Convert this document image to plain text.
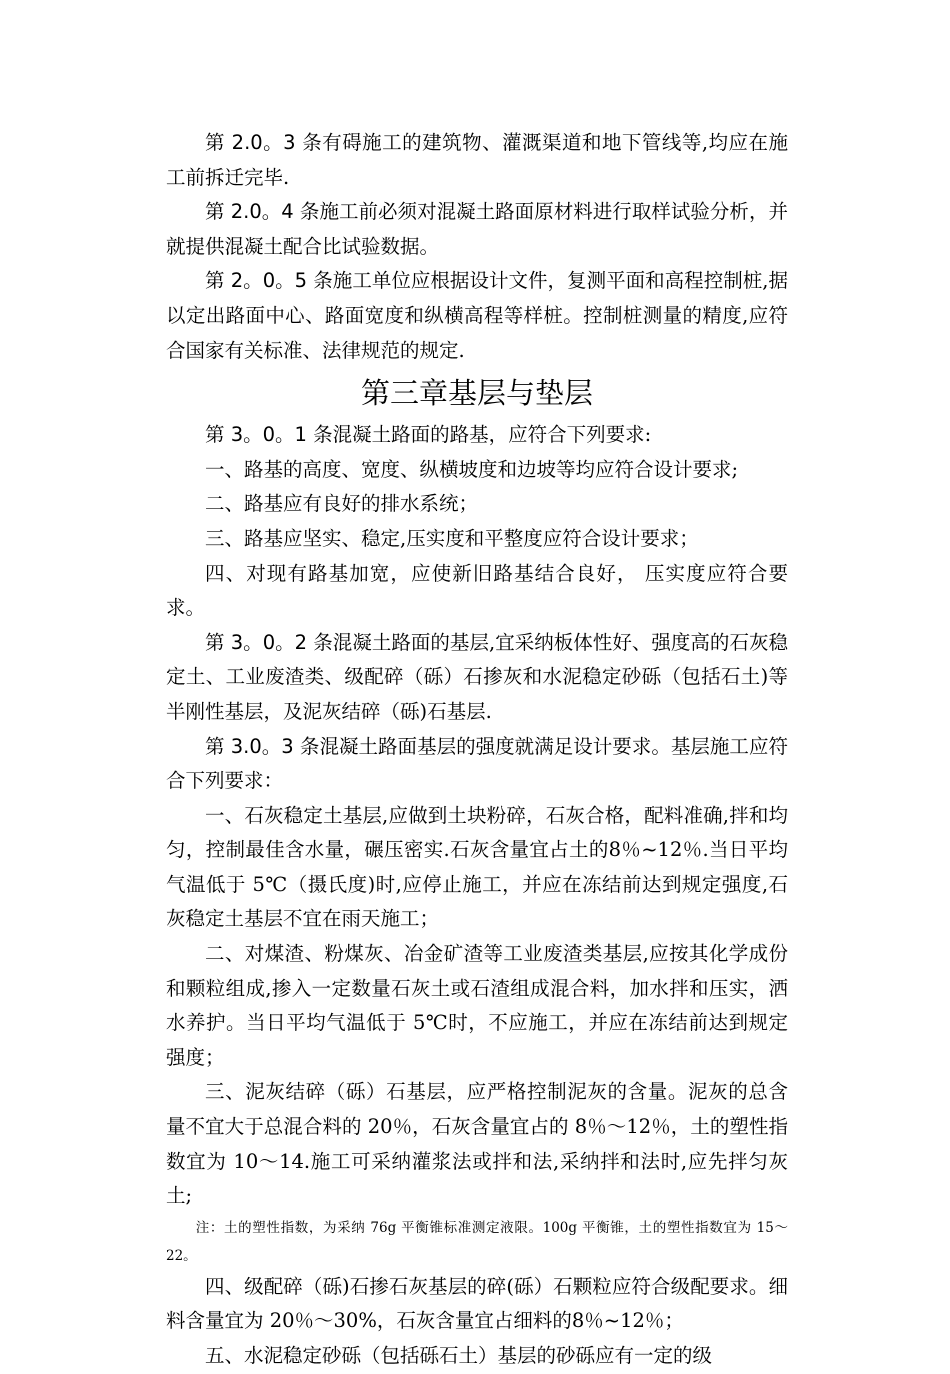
第 2.0。3 条有碍施工的建筑物、灌溉渠道和地下管线等,均应在施工前拆迁完毕.

第 2.0。4 条施工前必须对混凝土路面原材料进行取样试验分析，并就提供混凝土配合比试验数据。

第 2。0。5 条施工单位应根据设计文件，复测平面和高程控制桩,据以定出路面中心、路面宽度和纵横高程等样桩。控制桩测量的精度,应符合国家有关标准、法律规范的规定.

第三章基层与垫层

第 3。0。1 条混凝土路面的路基，应符合下列要求:

一、路基的高度、宽度、纵横坡度和边坡等均应符合设计要求;

二、路基应有良好的排水系统；

三、路基应坚实、稳定,压实度和平整度应符合设计要求；

四、对现有路基加宽，应使新旧路基结合良好， 压实度应符合要求。

第 3。0。2 条混凝土路面的基层,宜采纳板体性好、强度高的石灰稳定土、工业废渣类、级配碎（砾）石掺灰和水泥稳定砂砾（包括石土)等半刚性基层，及泥灰结碎（砾)石基层.

第 3.0。3 条混凝土路面基层的强度就满足设计要求。基层施工应符合下列要求：

一、石灰稳定土基层,应做到土块粉碎，石灰合格，配料准确,拌和均匀，控制最佳含水量，碾压密实.石灰含量宜占土的8％~12％.当日平均气温低于 5℃（摄氏度)时,应停止施工，并应在冻结前达到规定强度,石灰稳定土基层不宜在雨天施工；

二、对煤渣、粉煤灰、冶金矿渣等工业废渣类基层,应按其化学成份和颗粒组成,掺入一定数量石灰土或石渣组成混合料，加水拌和压实，洒水养护。当日平均气温低于 5℃时，不应施工，并应在冻结前达到规定强度；

三、泥灰结碎（砾）石基层，应严格控制泥灰的含量。泥灰的总含量不宜大于总混合料的 20％，石灰含量宜占的 8％～12％，土的塑性指数宜为 10～14.施工可采纳灌浆法或拌和法,采纳拌和法时,应先拌匀灰土;

注：土的塑性指数，为采纳 76g 平衡锥标准测定液限。100g 平衡锥，土的塑性指数宜为 15～22。

四、级配碎（砾)石掺石灰基层的碎(砾）石颗粒应符合级配要求。细料含量宜为 20％～30%，石灰含量宜占细料的8％~12％；

五、水泥稳定砂砾（包括砾石土）基层的砂砾应有一定的级
